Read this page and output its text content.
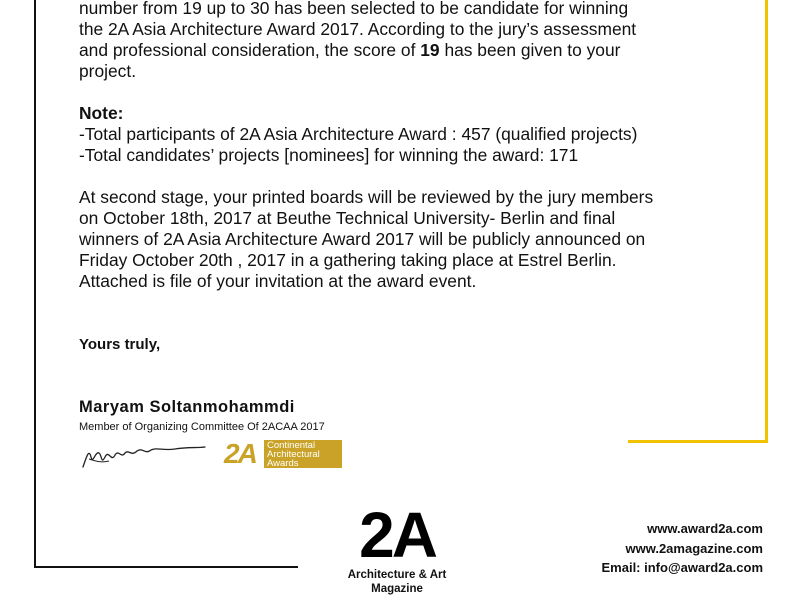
number from 19 up to 30 has been selected to be candidate for winning
the 2A Asia Architecture Award 2017. According to the jury’s assessment
and professional consideration, the score of 19 has been given to your
project.

Note:
-Total participants of 2A Asia Architecture Award : 457 (qualified projects)
-Total candidates’ projects [nominees] for winning the award: 171

At second stage, your printed boards will be reviewed by the jury members
on October 18th, 2017 at Beuthe Technical University- Berlin and final
winners of 2A Asia Architecture Award 2017 will be publicly announced on
Friday October 20th , 2017 in a gathering taking place at Estrel Berlin.
Attached is file of your invitation at the award event.

Yours truly,
Maryam Soltanmohammdi
Member of Organizing Committee Of 2ACAA 2017
2A	Continental
Architectural
Awards
2A
Architecture & Art
Magazine
www.award2a.com
www.2amagazine.com
Email: info@award2a.com
